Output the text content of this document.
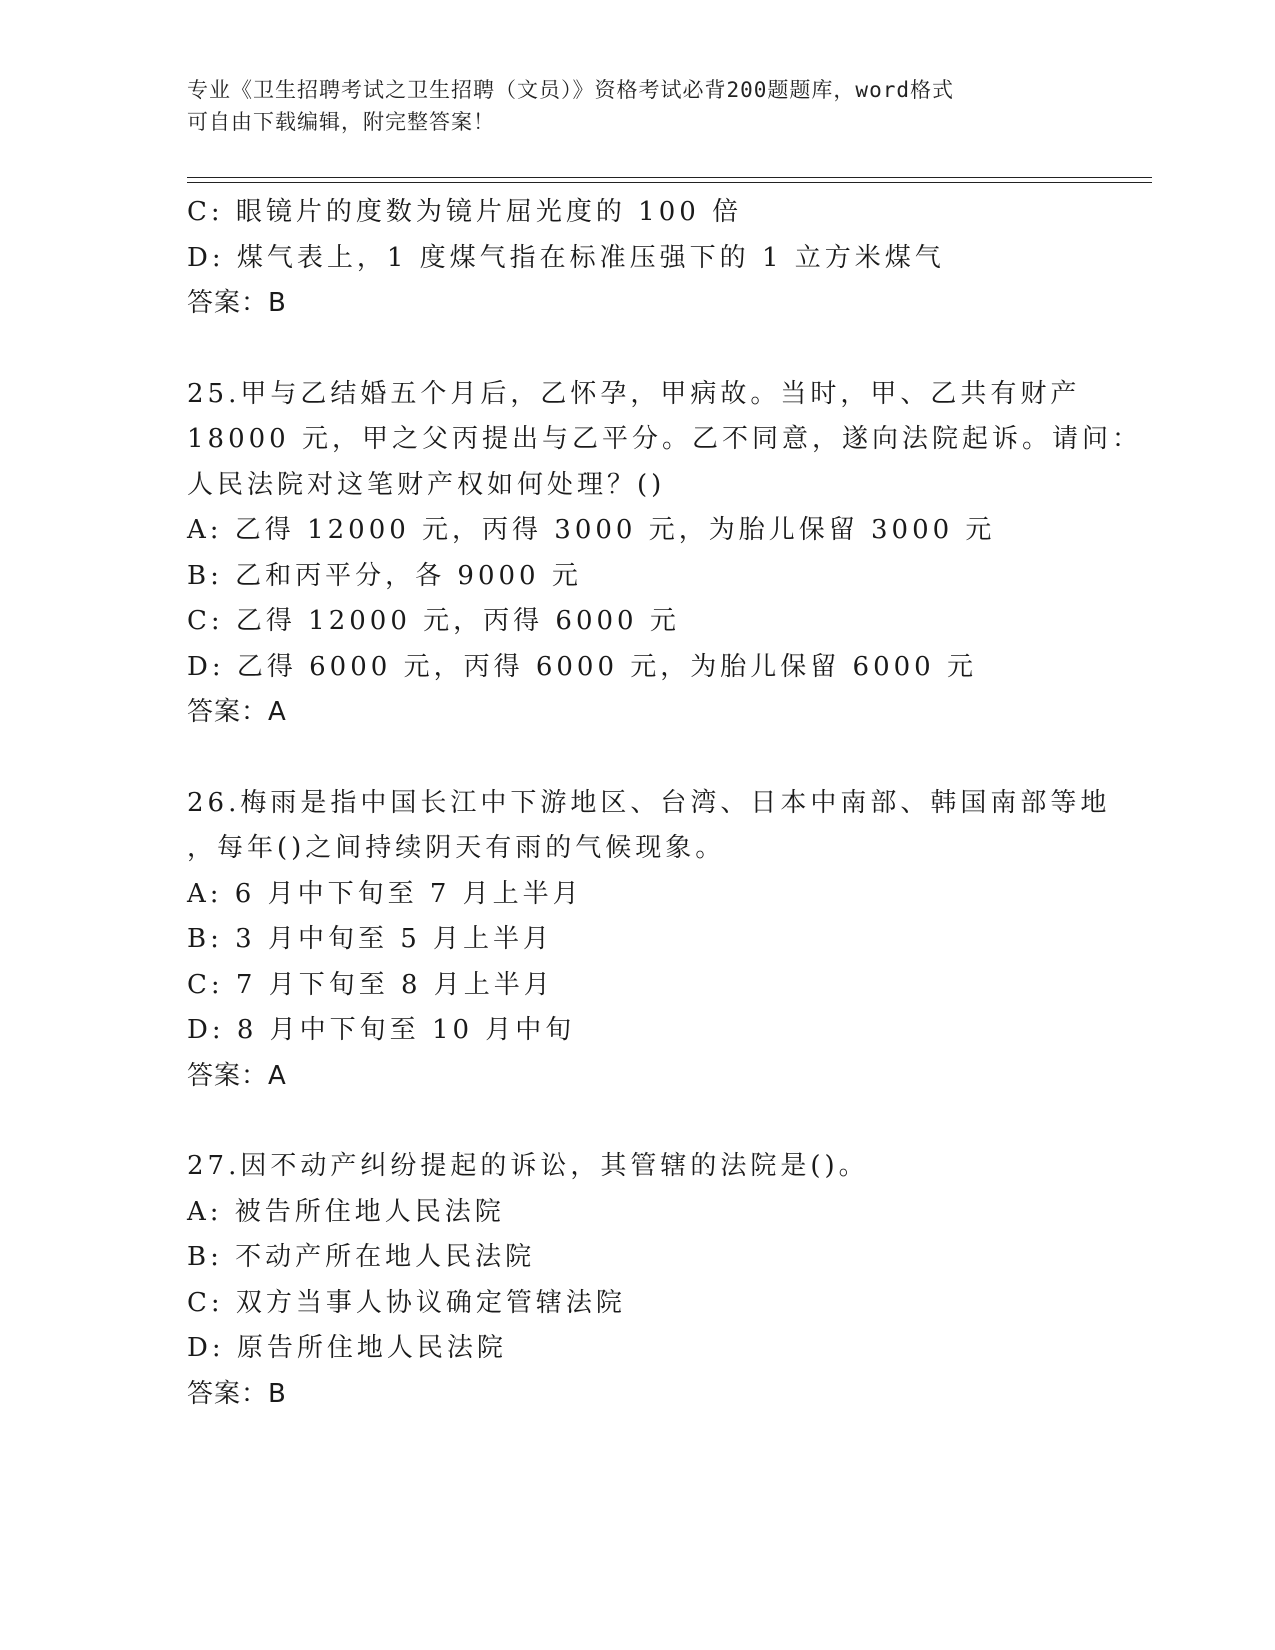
专业《卫生招聘考试之卫生招聘（文员）》资格考试必背200题题库，word格式
可自由下载编辑，附完整答案！
C: 眼镜片的度数为镜片屈光度的 100 倍
D: 煤气表上，1 度煤气指在标准压强下的 1 立方米煤气
答案：B
25.甲与乙结婚五个月后，乙怀孕，甲病故。当时，甲、乙共有财产
18000 元，甲之父丙提出与乙平分。乙不同意，遂向法院起诉。请问：
人民法院对这笔财产权如何处理？()
A: 乙得 12000 元，丙得 3000 元，为胎儿保留 3000 元
B: 乙和丙平分，各 9000 元
C: 乙得 12000 元，丙得 6000 元
D: 乙得 6000 元，丙得 6000 元，为胎儿保留 6000 元
答案：A
26.梅雨是指中国长江中下游地区、台湾、日本中南部、韩国南部等地
，每年()之间持续阴天有雨的气候现象。
A: 6 月中下旬至 7 月上半月
B: 3 月中旬至 5 月上半月
C: 7 月下旬至 8 月上半月
D: 8 月中下旬至 10 月中旬
答案：A
27.因不动产纠纷提起的诉讼，其管辖的法院是()。
A: 被告所住地人民法院
B: 不动产所在地人民法院
C: 双方当事人协议确定管辖法院
D: 原告所住地人民法院
答案：B
